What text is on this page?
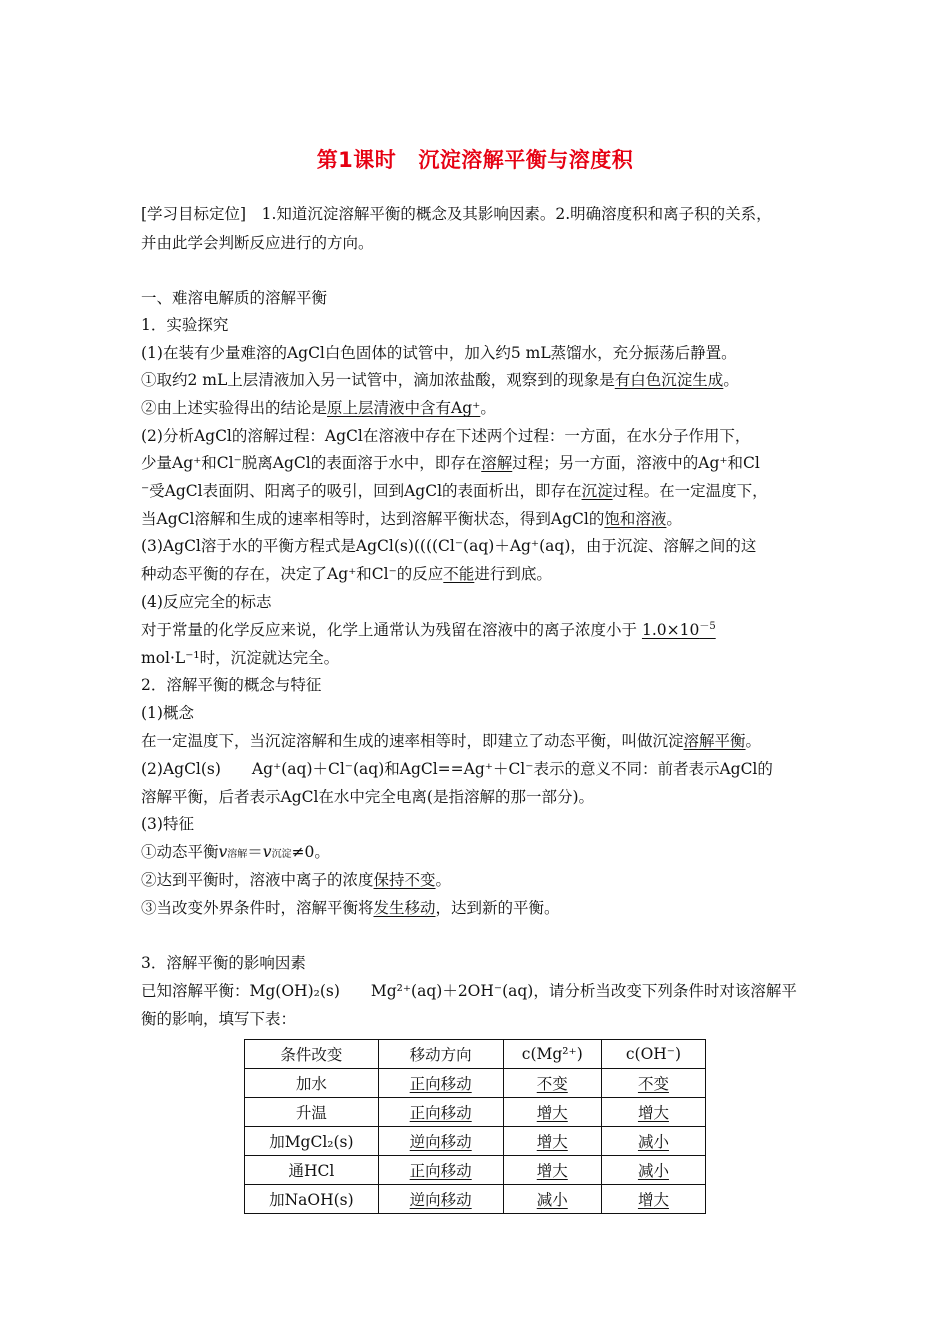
第1课时 沉淀溶解平衡与溶度积
[学习目标定位]　1.知道沉淀溶解平衡的概念及其影响因素。2.明确溶度积和离子积的关系，
并由此学会判断反应进行的方向。
一、难溶电解质的溶解平衡
1．实验探究
(1)在装有少量难溶的AgCl白色固体的试管中，加入约5 mL蒸馏水，充分振荡后静置。
①取约2 mL上层清液加入另一试管中，滴加浓盐酸，观察到的现象是有白色沉淀生成。
②由上述实验得出的结论是原上层清液中含有Ag⁺。
(2)分析AgCl的溶解过程：AgCl在溶液中存在下述两个过程：一方面，在水分子作用下，
少量Ag⁺和Cl⁻脱离AgCl的表面溶于水中，即存在溶解过程；另一方面，溶液中的Ag⁺和Cl
⁻受AgCl表面阴、阳离子的吸引，回到AgCl的表面析出，即存在沉淀过程。在一定温度下，
当AgCl溶解和生成的速率相等时，达到溶解平衡状态，得到AgCl的饱和溶液。
(3)AgCl溶于水的平衡方程式是AgCl(s)((((Cl⁻(aq)＋Ag⁺(aq)，由于沉淀、溶解之间的这
种动态平衡的存在，决定了Ag⁺和Cl⁻的反应不能进行到底。
(4)反应完全的标志
对于常量的化学反应来说，化学上通常认为残留在溶液中的离子浓度小于 $1.0\times 10^{-5}$
mol·L⁻¹时，沉淀就达完全。
2．溶解平衡的概念与特征
(1)概念
在一定温度下，当沉淀溶解和生成的速率相等时，即建立了动态平衡，叫做沉淀溶解平衡。
(2)AgCl(s)　　Ag⁺(aq)＋Cl⁻(aq)和AgCl==Ag⁺＋Cl⁻表示的意义不同：前者表示AgCl的
溶解平衡，后者表示AgCl在水中完全电离(是指溶解的那一部分)。
(3)特征
①动态平衡v溶解＝v沉淀≠0。
②达到平衡时，溶液中离子的浓度保持不变。
③当改变外界条件时，溶解平衡将发生移动，达到新的平衡。
3．溶解平衡的影响因素
已知溶解平衡：Mg(OH)₂(s)　　Mg²⁺(aq)＋2OH⁻(aq)，请分析当改变下列条件时对该溶解平
衡的影响，填写下表：
条件改变	移动方向	c(Mg²⁺)	c(OH⁻)
加水	正向移动	不变	不变
升温	正向移动	增大	增大
加MgCl₂(s)	逆向移动	增大	减小
通HCl	正向移动	增大	减小
加NaOH(s)	逆向移动	减小	增大
